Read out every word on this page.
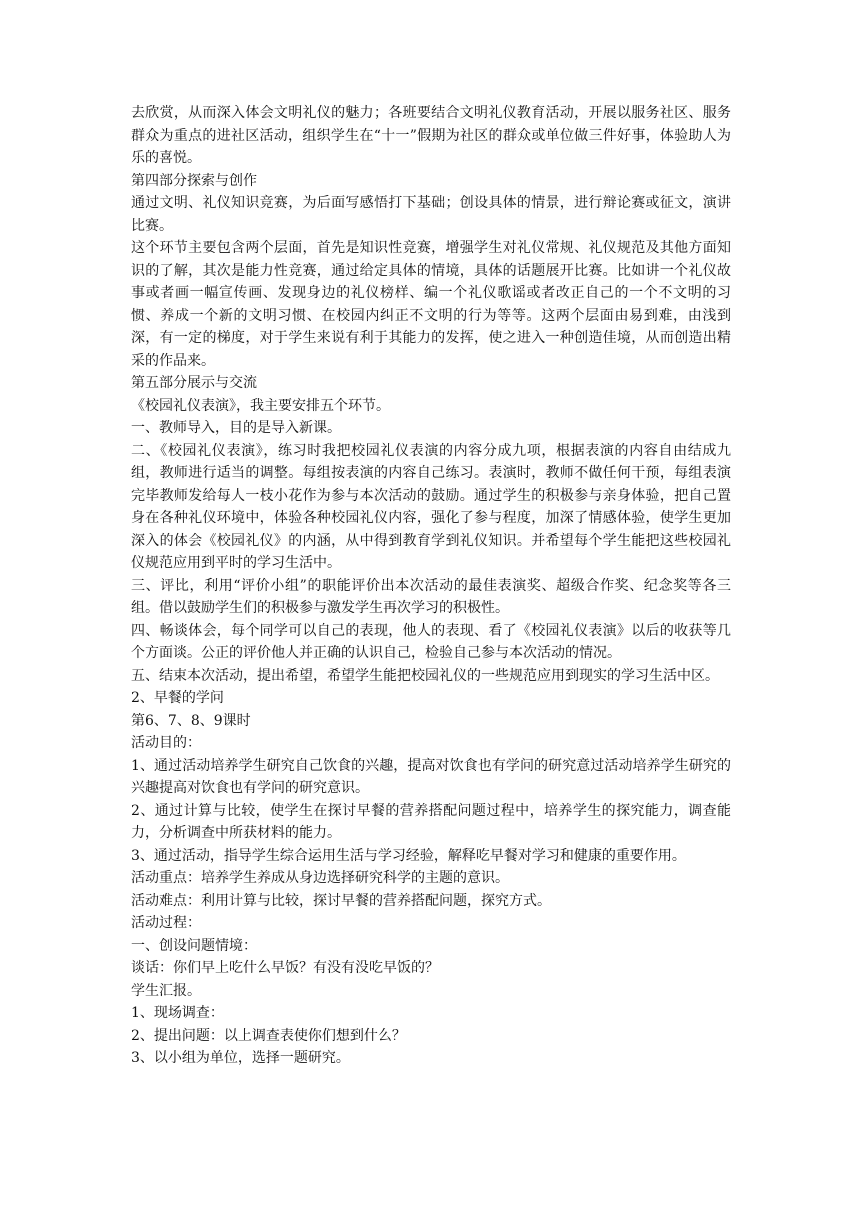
去欣赏，从而深入体会文明礼仪的魅力；各班要结合文明礼仪教育活动，开展以服务社区、服务群众为重点的进社区活动，组织学生在“十一”假期为社区的群众或单位做三件好事，体验助人为乐的喜悦。

第四部分探索与创作

通过文明、礼仪知识竞赛，为后面写感悟打下基础；创设具体的情景，进行辩论赛或征文，演讲比赛。

这个环节主要包含两个层面，首先是知识性竞赛，增强学生对礼仪常规、礼仪规范及其他方面知识的了解，其次是能力性竞赛，通过给定具体的情境，具体的话题展开比赛。比如讲一个礼仪故事或者画一幅宣传画、发现身边的礼仪榜样、编一个礼仪歌谣或者改正自己的一个不文明的习惯、养成一个新的文明习惯、在校园内纠正不文明的行为等等。这两个层面由易到难，由浅到深，有一定的梯度，对于学生来说有利于其能力的发挥，使之进入一种创造佳境，从而创造出精采的作品来。

第五部分展示与交流

《校园礼仪表演》，我主要安排五个环节。

一、教师导入，目的是导入新课。

二、《校园礼仪表演》，练习时我把校园礼仪表演的内容分成九项，根据表演的内容自由结成九组，教师进行适当的调整。每组按表演的内容自己练习。表演时，教师不做任何干预，每组表演完毕教师发给每人一枝小花作为参与本次活动的鼓励。通过学生的积极参与亲身体验，把自己置身在各种礼仪环境中，体验各种校园礼仪内容，强化了参与程度，加深了情感体验，使学生更加深入的体会《校园礼仪》的内涵，从中得到教育学到礼仪知识。并希望每个学生能把这些校园礼仪规范应用到平时的学习生活中。

三、评比，利用“评价小组”的职能评价出本次活动的最佳表演奖、超级合作奖、纪念奖等各三组。借以鼓励学生们的积极参与激发学生再次学习的积极性。

四、畅谈体会，每个同学可以自己的表现，他人的表现、看了《校园礼仪表演》以后的收获等几个方面谈。公正的评价他人并正确的认识自己，检验自己参与本次活动的情况。

五、结束本次活动，提出希望，希望学生能把校园礼仪的一些规范应用到现实的学习生活中区。

2、早餐的学问

第6、7、8、9课时

活动目的：

1、通过活动培养学生研究自己饮食的兴趣，提高对饮食也有学问的研究意过活动培养学生研究的兴趣提高对饮食也有学问的研究意识。

2、通过计算与比较，使学生在探讨早餐的营养搭配问题过程中，培养学生的探究能力，调查能力，分析调查中所获材料的能力。

3、通过活动，指导学生综合运用生活与学习经验，解释吃早餐对学习和健康的重要作用。

活动重点：培养学生养成从身边选择研究科学的主题的意识。

活动难点：利用计算与比较，探讨早餐的营养搭配问题，探究方式。

活动过程：

一、创设问题情境：

谈话：你们早上吃什么早饭？有没有没吃早饭的？

学生汇报。

1、现场调查：

2、提出问题：以上调查表使你们想到什么？

3、以小组为单位，选择一题研究。
